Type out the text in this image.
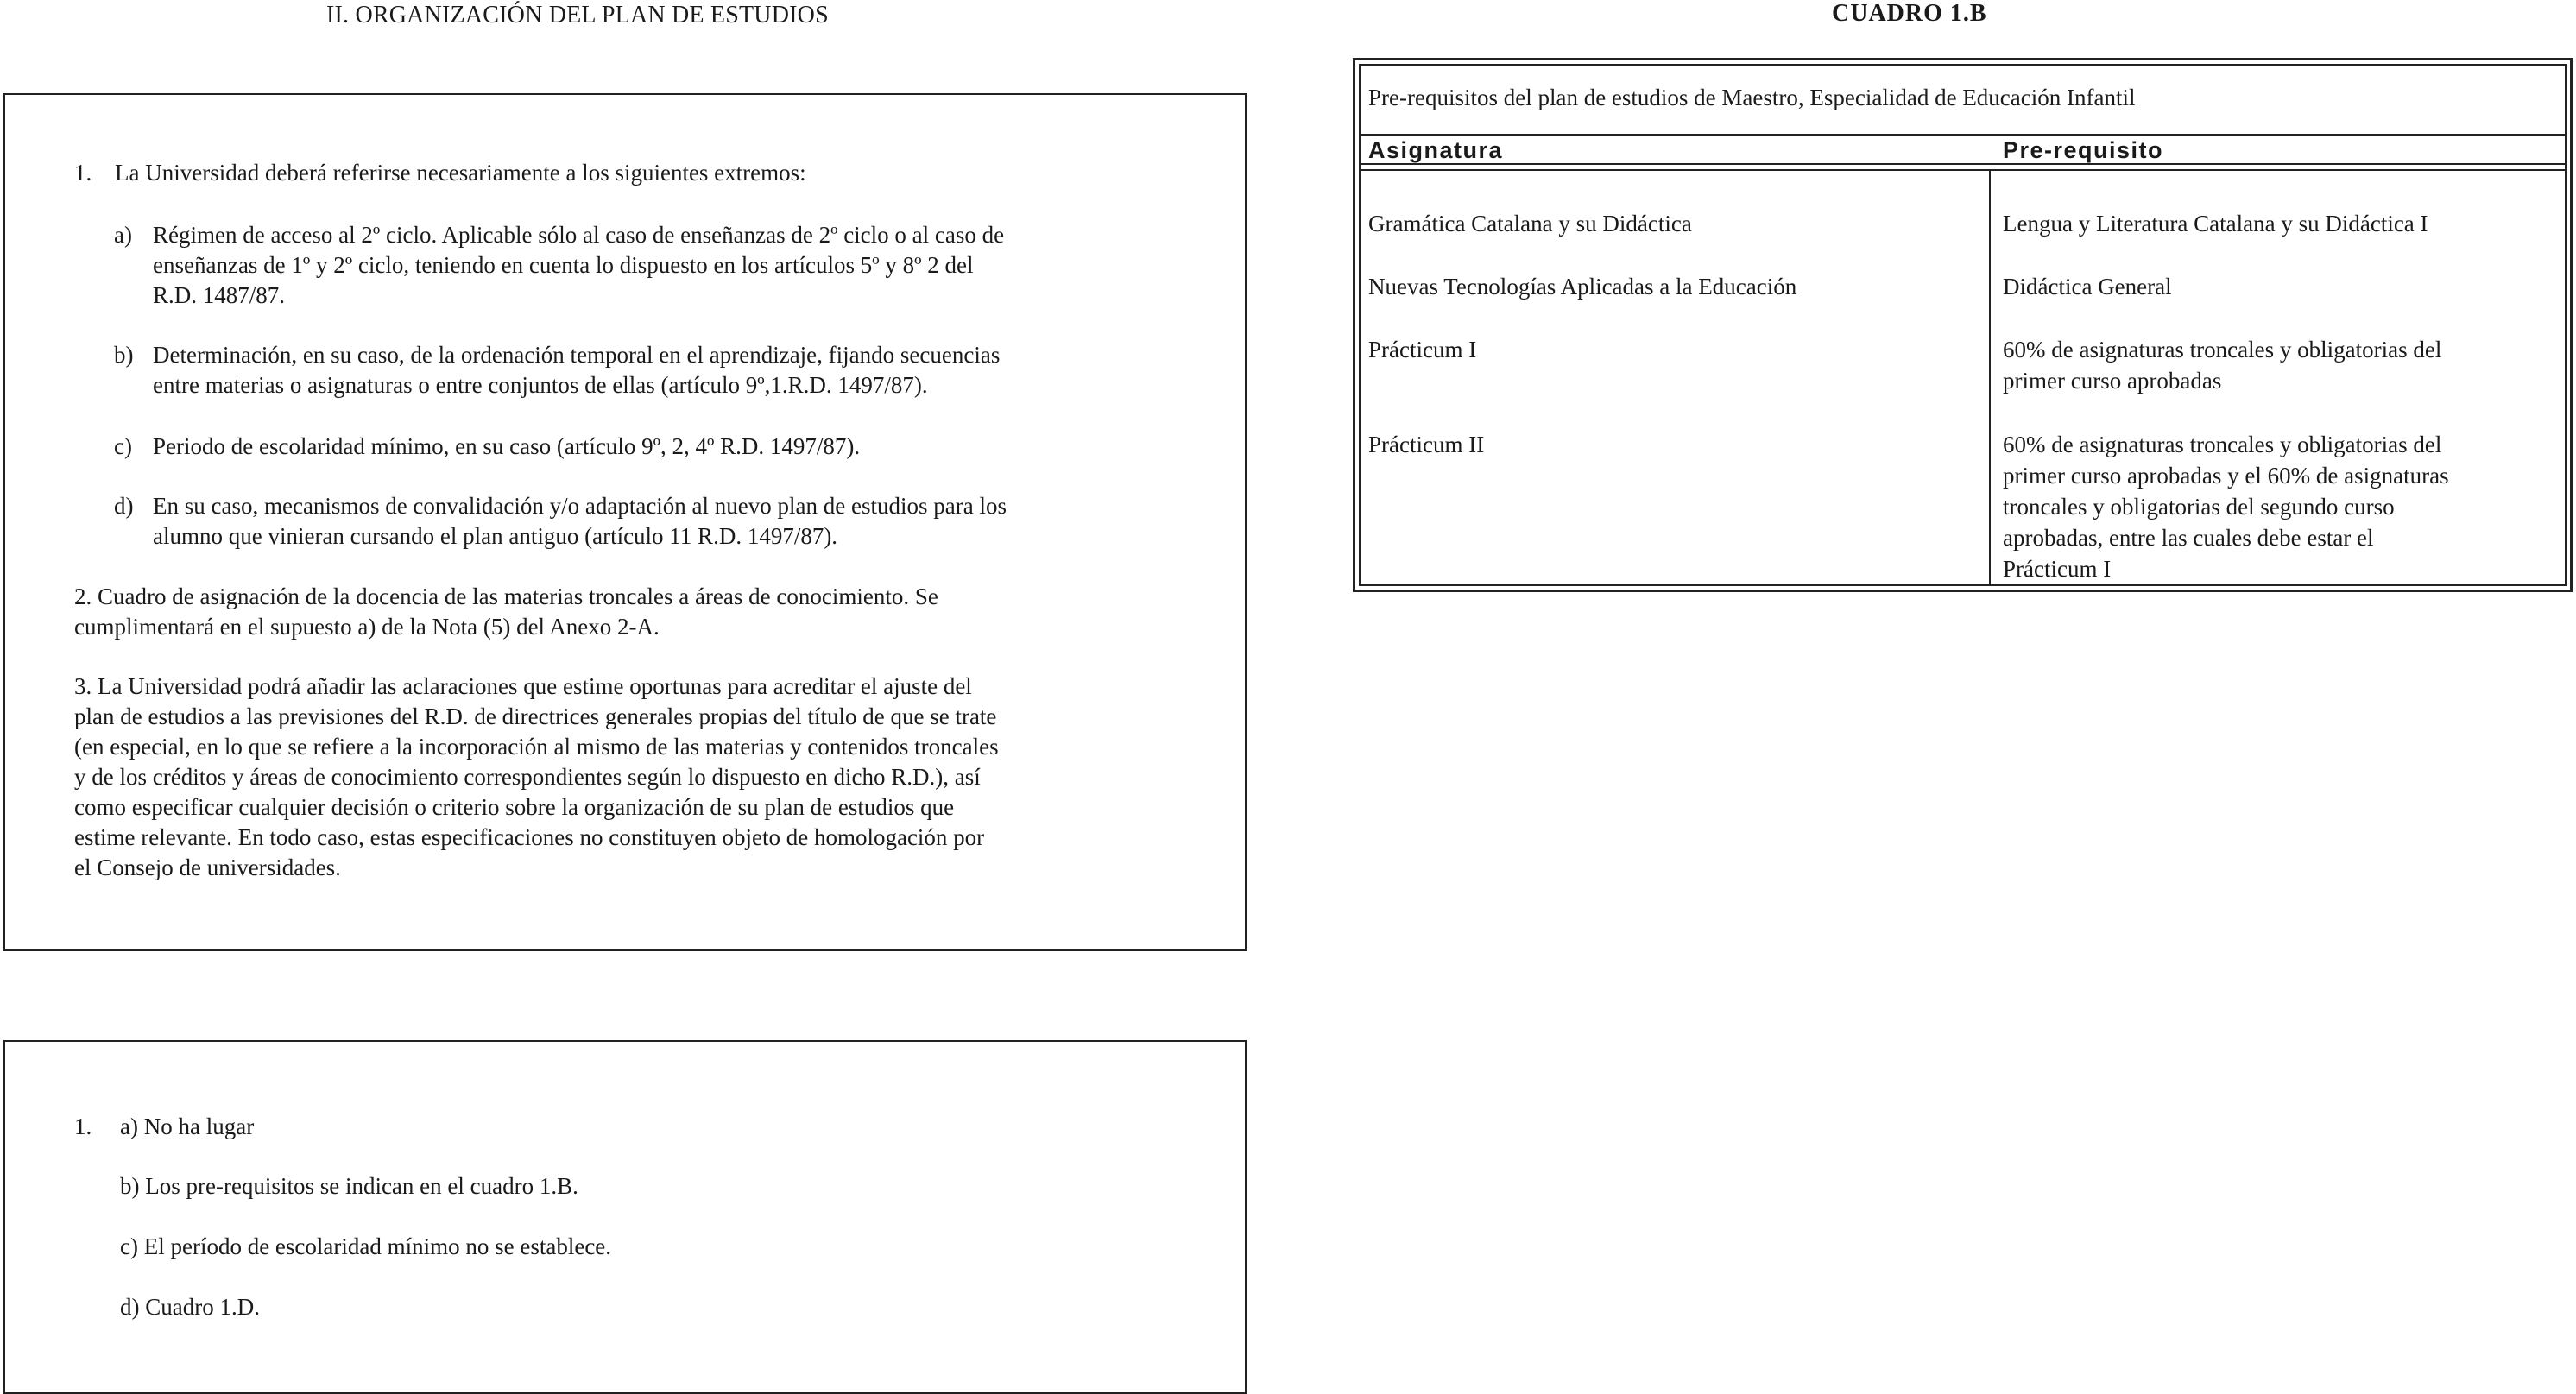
II. ORGANIZACIÓN DEL PLAN DE ESTUDIOS	CUADRO 1.B
1. La Universidad deberá referirse necesariamente a los siguientes extremos:
a) Régimen de acceso al 2º ciclo. Aplicable sólo al caso de enseñanzas de 2º ciclo o al caso de
enseñanzas de 1º y 2º ciclo, teniendo en cuenta lo dispuesto en los artículos 5º y 8º 2 del
R.D. 1487/87.
b) Determinación, en su caso, de la ordenación temporal en el aprendizaje, fijando secuencias
entre materias o asignaturas o entre conjuntos de ellas (artículo 9º,1.R.D. 1497/87).
c) Periodo de escolaridad mínimo, en su caso (artículo 9º, 2, 4º R.D. 1497/87).
d) En su caso, mecanismos de convalidación y/o adaptación al nuevo plan de estudios para los
alumno que vinieran cursando el plan antiguo (artículo 11 R.D. 1497/87).
2. Cuadro de asignación de la docencia de las materias troncales a áreas de conocimiento. Se
cumplimentará en el supuesto a) de la Nota (5) del Anexo 2-A.
3. La Universidad podrá añadir las aclaraciones que estime oportunas para acreditar el ajuste del
plan de estudios a las previsiones del R.D. de directrices generales propias del título de que se trate
(en especial, en lo que se refiere a la incorporación al mismo de las materias y contenidos troncales
y de los créditos y áreas de conocimiento correspondientes según lo dispuesto en dicho R.D.), así
como especificar cualquier decisión o criterio sobre la organización de su plan de estudios que
estime relevante. En todo caso, estas especificaciones no constituyen objeto de homologación por
el Consejo de universidades.
1. a) No ha lugar
b) Los pre-requisitos se indican en el cuadro 1.B.
c) El período de escolaridad mínimo no se establece.
d) Cuadro 1.D.
Pre-requisitos del plan de estudios de Maestro, Especialidad de Educación Infantil
Asignatura	Pre-requisito
Gramática Catalana y su Didáctica	Lengua y Literatura Catalana y su Didáctica I
Nuevas Tecnologías Aplicadas a la Educación	Didáctica General
Prácticum I	60% de asignaturas troncales y obligatorias del
primer curso aprobadas
Prácticum II	60% de asignaturas troncales y obligatorias del
primer curso aprobadas y el 60% de asignaturas
troncales y obligatorias del segundo curso
aprobadas, entre las cuales debe estar el
Prácticum I
